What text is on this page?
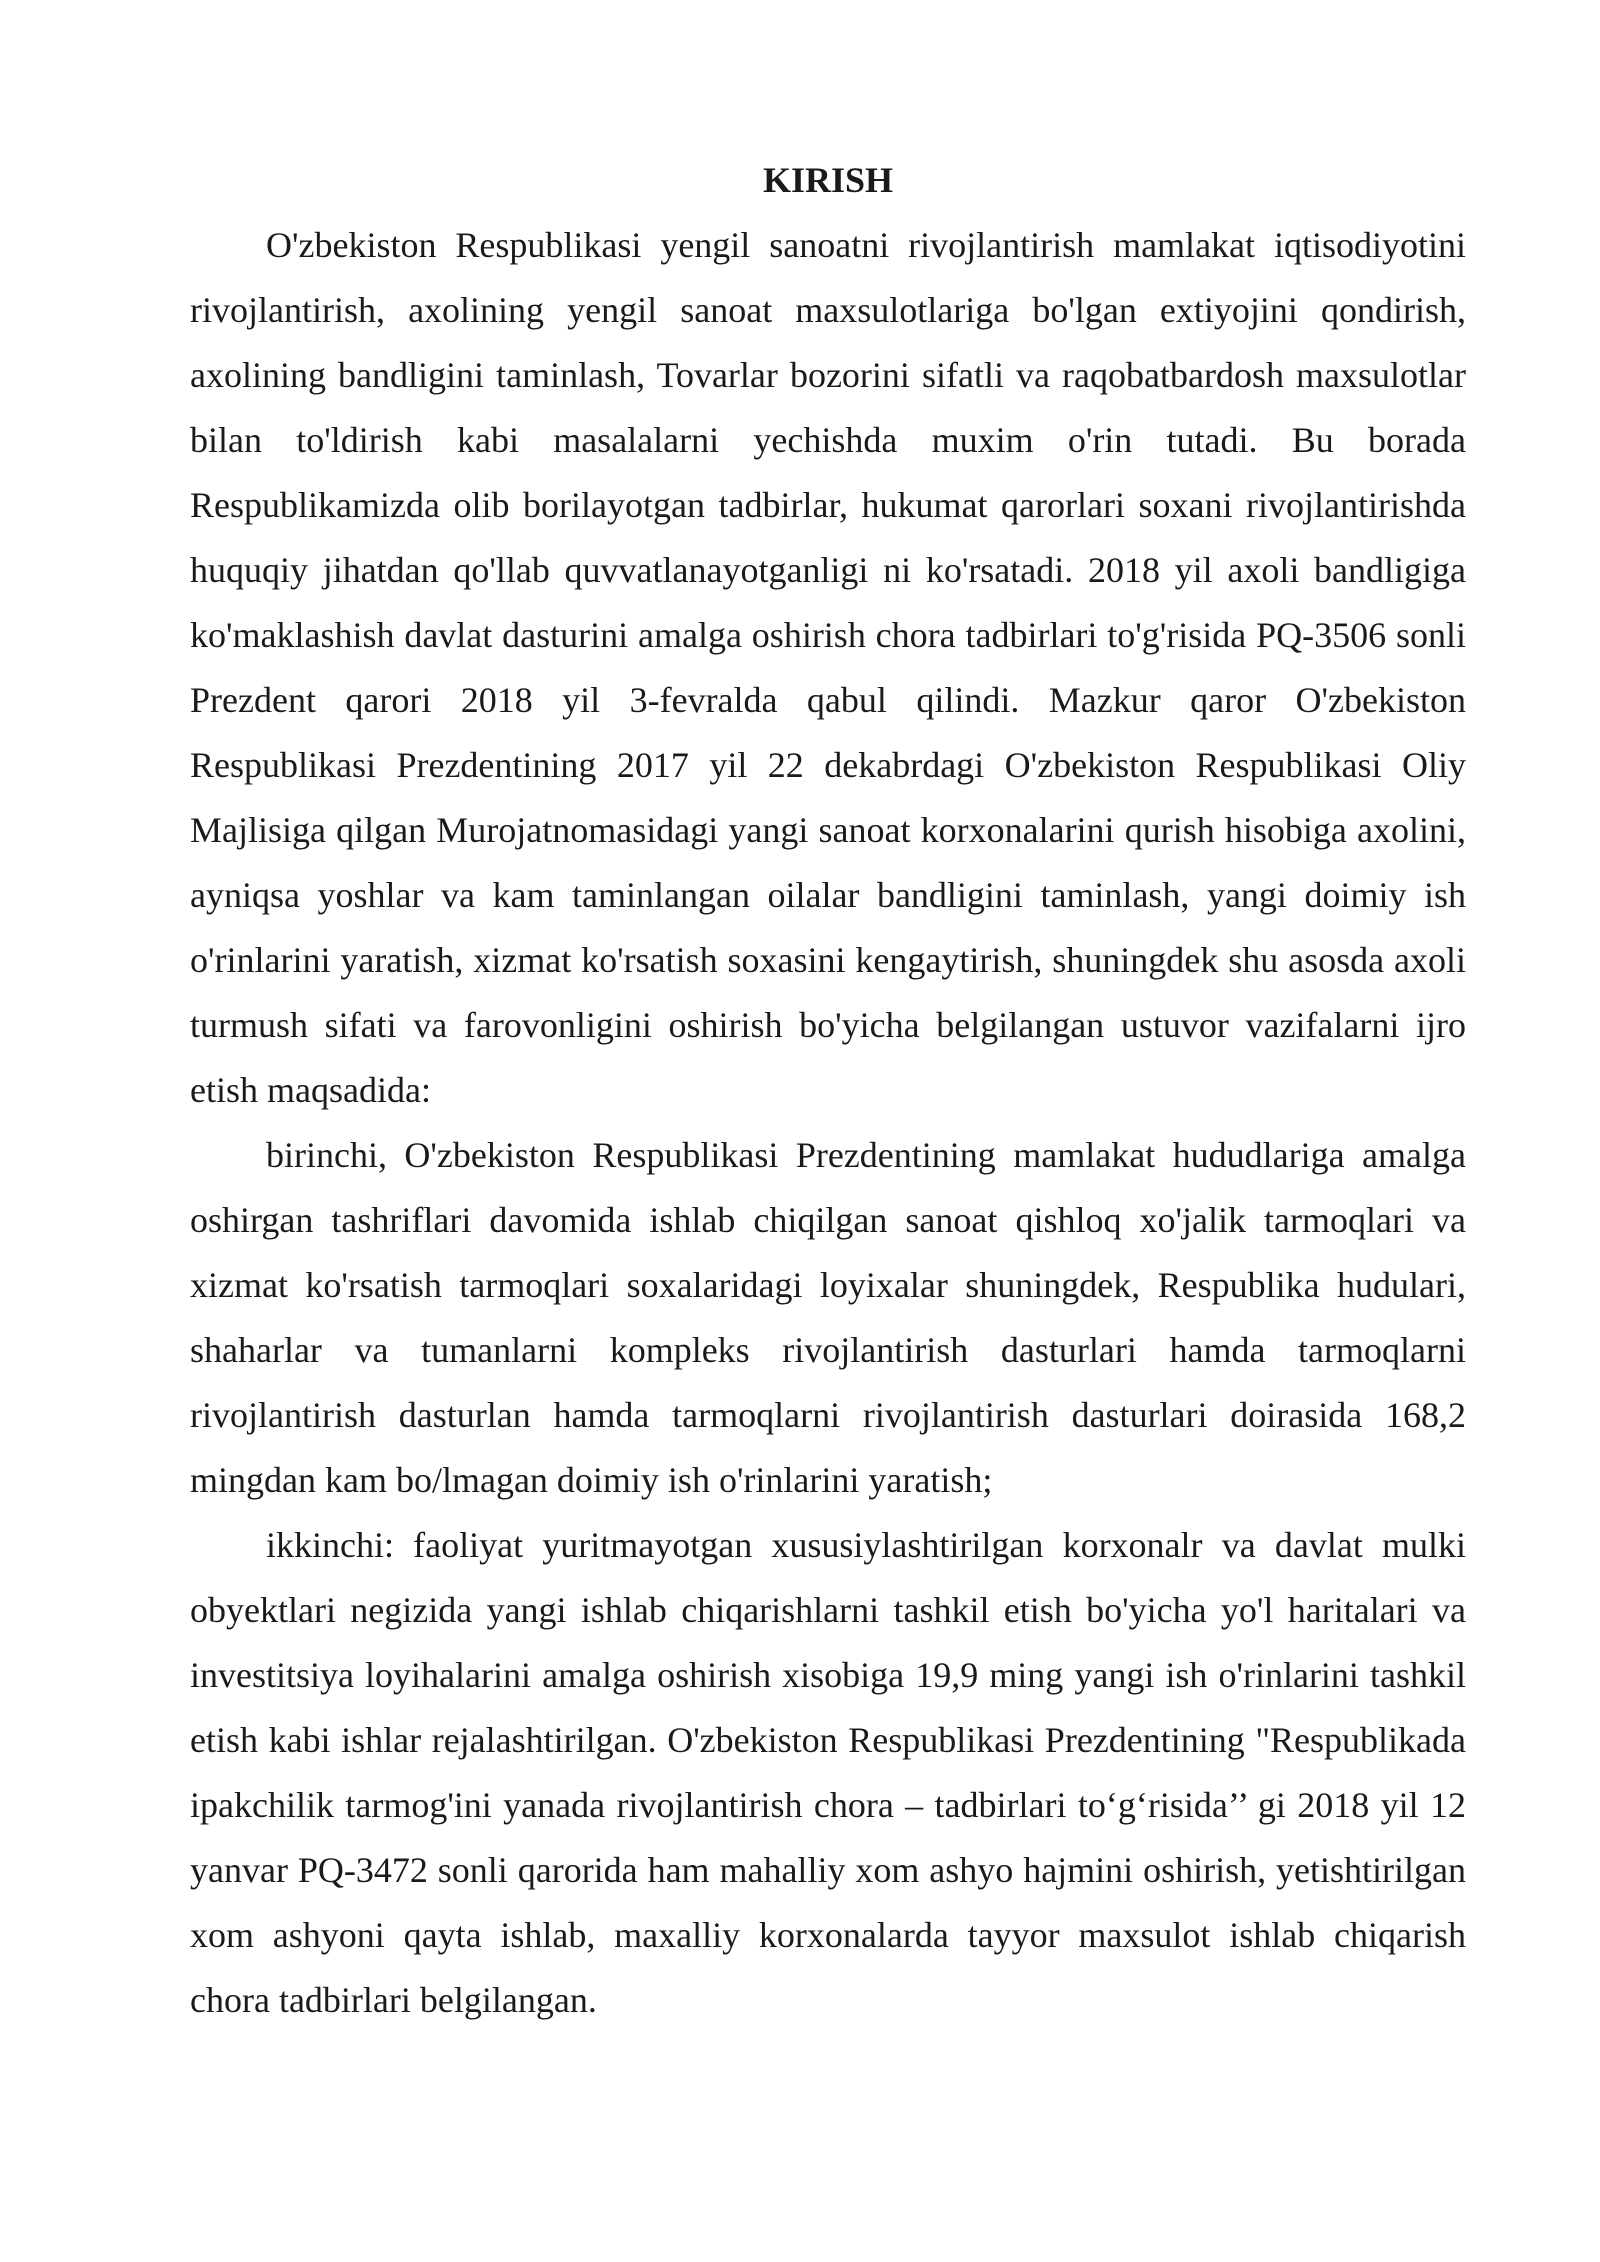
KIRISH

O'zbekiston Respublikasi yengil sanoatni rivojlantirish mamlakat iqtisodiyotini rivojlantirish, axolining yengil sanoat maxsulotlariga bo'lgan extiyojini qondirish, axolining bandligini taminlash, Tovarlar bozorini sifatli va raqobatbardosh maxsulotlar bilan to'ldirish kabi masalalarni yechishda muxim o'rin tutadi. Bu borada Respublikamizda olib borilayotgan tadbirlar, hukumat qarorlari soxani rivojlantirishda huquqiy jihatdan qo'llab quvvatlanayotganligi ni ko'rsatadi. 2018 yil axoli bandligiga ko'maklashish davlat dasturini amalga oshirish chora tadbirlari to'g'risida PQ-3506 sonli Prezdent qarori 2018 yil 3-fevralda qabul qilindi. Mazkur qaror O'zbekiston Respublikasi Prezdentining 2017 yil 22 dekabrdagi O'zbekiston Respublikasi Oliy Majlisiga qilgan Murojatnomasidagi yangi sanoat korxonalarini qurish hisobiga axolini, ayniqsa yoshlar va kam taminlangan oilalar bandligini taminlash, yangi doimiy ish o'rinlarini yaratish, xizmat ko'rsatish soxasini kengaytirish, shuningdek shu asosda axoli turmush sifati va farovonligini oshirish bo'yicha belgilangan ustuvor vazifalarni ijro etish maqsadida:

birinchi, O'zbekiston Respublikasi Prezdentining mamlakat hududlariga amalga oshirgan tashriflari davomida ishlab chiqilgan sanoat qishloq xo'jalik tarmoqlari va xizmat ko'rsatish tarmoqlari soxalaridagi loyixalar shuningdek, Respublika hudulari, shaharlar va tumanlarni kompleks rivojlantirish dasturlari hamda tarmoqlarni rivojlantirish dasturlan hamda tarmoqlarni rivojlantirish dasturlari doirasida 168,2 mingdan kam bo/lmagan doimiy ish o'rinlarini yaratish;

ikkinchi: faoliyat yuritmayotgan xususiylashtirilgan korxonalr va davlat mulki obyektlari negizida yangi ishlab chiqarishlarni tashkil etish bo'yicha yo'l haritalari va investitsiya loyihalarini amalga oshirish xisobiga 19,9 ming yangi ish o'rinlarini tashkil etish kabi ishlar rejalashtirilgan. O'zbekiston Respublikasi Prezdentining "Respublikada ipakchilik tarmog'ini yanada rivojlantirish chora – tadbirlari to‘g‘risida’’ gi 2018 yil 12 yanvar PQ-3472 sonli qarorida ham mahalliy xom ashyo hajmini oshirish, yetishtirilgan xom ashyoni qayta ishlab, maxalliy korxonalarda tayyor maxsulot ishlab chiqarish chora tadbirlari belgilangan.
